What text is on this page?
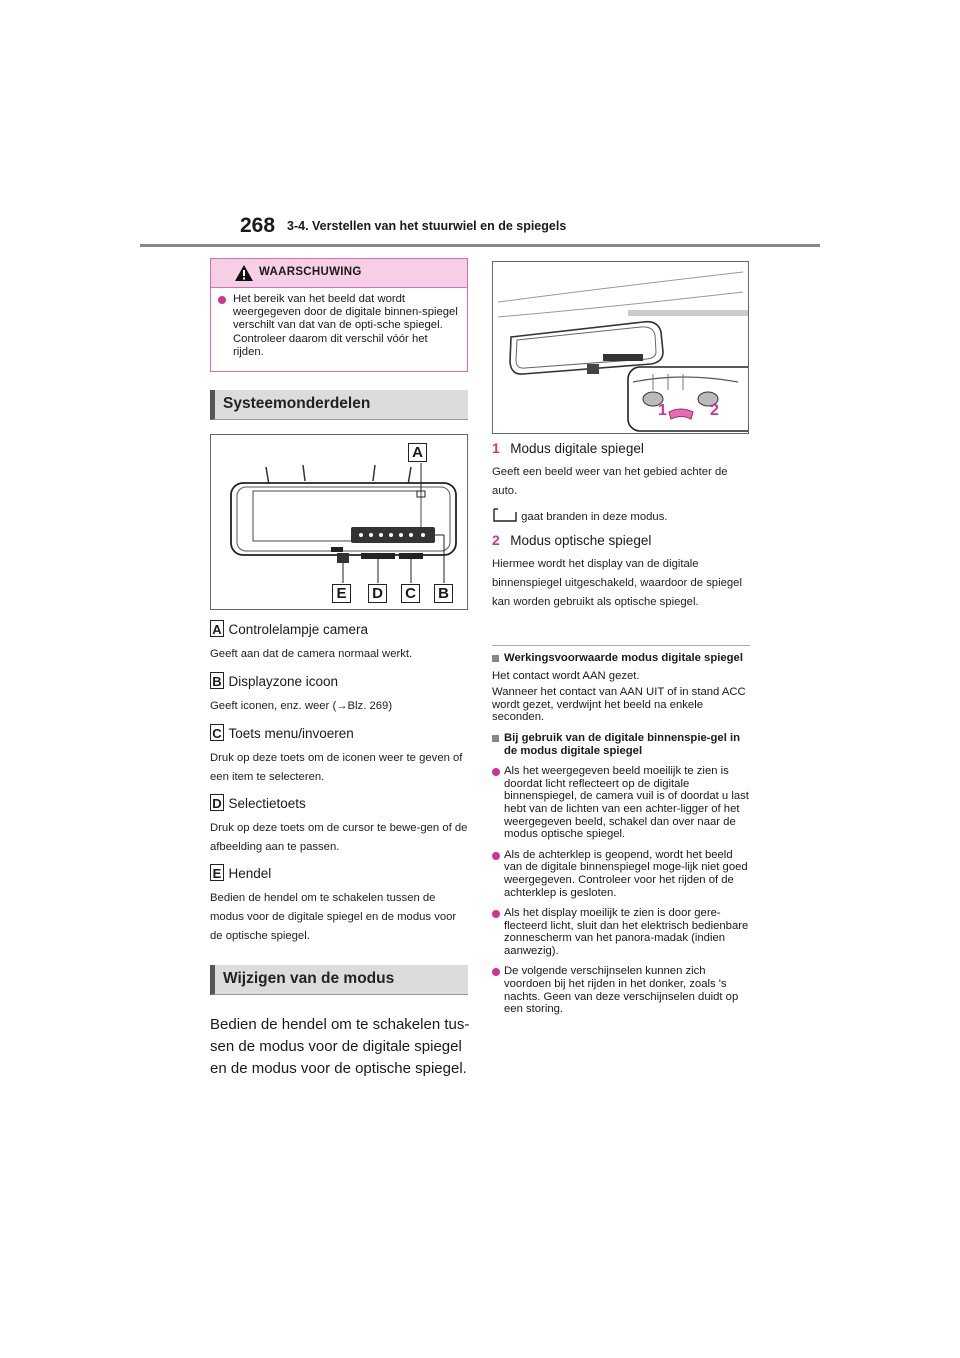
268 3-4. Verstellen van het stuurwiel en de spiegels
WAARSCHUWING
Het bereik van het beeld dat wordt weergegeven door de digitale binnen-spiegel verschilt van dat van de opti-sche spiegel. Controleer daarom dit verschil vóór het rijden.
Systeemonderdelen
A
E	D C B
A Controlelampje camera
Geeft aan dat de camera normaal werkt.
B Displayzone icoon
Geeft iconen, enz. weer (→Blz. 269)
C Toets menu/invoeren
Druk op deze toets om de iconen weer te geven of een item te selecteren.
D Selectietoets
Druk op deze toets om de cursor te bewe-gen of de afbeelding aan te passen.
E Hendel
Bedien de hendel om te schakelen tussen de modus voor de digitale spiegel en de modus voor de optische spiegel.
Wijzigen van de modus
Bedien de hendel om te schakelen tus-sen de modus voor de digitale spiegel en de modus voor de optische spiegel.
1	2
1 Modus digitale spiegel
Geeft een beeld weer van het gebied achter de auto.
gaat branden in deze modus.
2 Modus optische spiegel
Hiermee wordt het display van de digitale binnenspiegel uitgeschakeld, waardoor de spiegel kan worden gebruikt als optische spiegel.
Werkingsvoorwaarde modus digitale spiegel
Het contact wordt AAN gezet.
Wanneer het contact van AAN UIT of in stand ACC wordt gezet, verdwijnt het beeld na enkele seconden.
Bij gebruik van de digitale binnenspie-gel in de modus digitale spiegel
Als het weergegeven beeld moeilijk te zien is doordat licht reflecteert op de digitale binnenspiegel, de camera vuil is of doordat u last hebt van de lichten van een achter-ligger of het weergegeven beeld, schakel dan over naar de modus optische spiegel.
Als de achterklep is geopend, wordt het beeld van de digitale binnenspiegel moge-lijk niet goed weergegeven. Controleer voor het rijden of de achterklep is gesloten.
Als het display moeilijk te zien is door gere-flecteerd licht, sluit dan het elektrisch bedienbare zonnescherm van het panora-madak (indien aanwezig).
De volgende verschijnselen kunnen zich voordoen bij het rijden in het donker, zoals 's nachts. Geen van deze verschijnselen duidt op een storing.
